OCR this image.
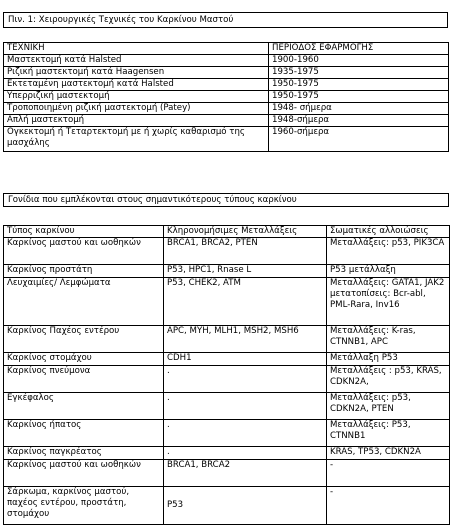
Πιν. 1: Χειρουργικές Τεχνικές του Καρκίνου Μαστού
ΤΕΧΝΙΚΗ	ΠΕΡΙΟΔΟΣ ΕΦΑΡΜΟΓΗΣ
Μαστεκτομή κατά Halsted	1900-1960
Ριζική μαστεκτομή κατά Haagensen	1935-1975
Εκτεταμένη μαστεκτομή κατά Halsted	1950-1975
Υπερριζική μαστεκτομή	1950-1975
Τροποποιημένη ριζική μαστεκτομή (Patey)	1948- σήμερα
Απλή μαστεκτομή	1948-σήμερα
Ογκεκτομή ή Τεταρτεκτομή με ή χωρίς καθαρισμό της μασχάλης	1960-σήμερα
Γονίδια που εμπλέκονται στους σημαντικότερους τύπους καρκίνου
Τύπος καρκίνου	Κληρονομήσιμες Μεταλλάξεις	Σωματικές αλλοιώσεις
Καρκίνος μαστού και ωοθηκών	BRCA1, BRCA2, PTEN	Μεταλλάξεις: p53, PIK3CA
Καρκίνος προστάτη	P53, HPC1, Rnase L	P53 μετάλλαξη
Λευχαιμίες/ Λεμφώματα	P53, CHEK2, ATM	Μεταλλάξεις: GATA1, JAK2 μετατοπίσεις: Bcr-abl, PML-Rara, Inv16
Καρκίνος Παχέος εντέρου	APC, MYH, MLH1, MSH2, MSH6	Μεταλλάξεις: K-ras, CTNNB1, APC
Καρκίνος στομάχου	CDH1	Μετάλλαξη P53
Καρκίνος πνεύμονα	.	Μεταλλάξεις : p53, KRAS, CDKN2A,
Εγκέφαλος	.	Μεταλλάξεις: p53, CDKN2A, PTEN
Καρκίνος ήπατος	.	Μεταλλάξεις: P53, CTNNB1
Καρκίνος παγκρέατος	.	KRAS, TP53, CDKN2A
Καρκίνος μαστού και ωοθηκών	BRCA1, BRCA2	-
Σάρκωμα, καρκίνος μαστού, παχέος εντέρου, προστάτη, στομάχου	P53	-
